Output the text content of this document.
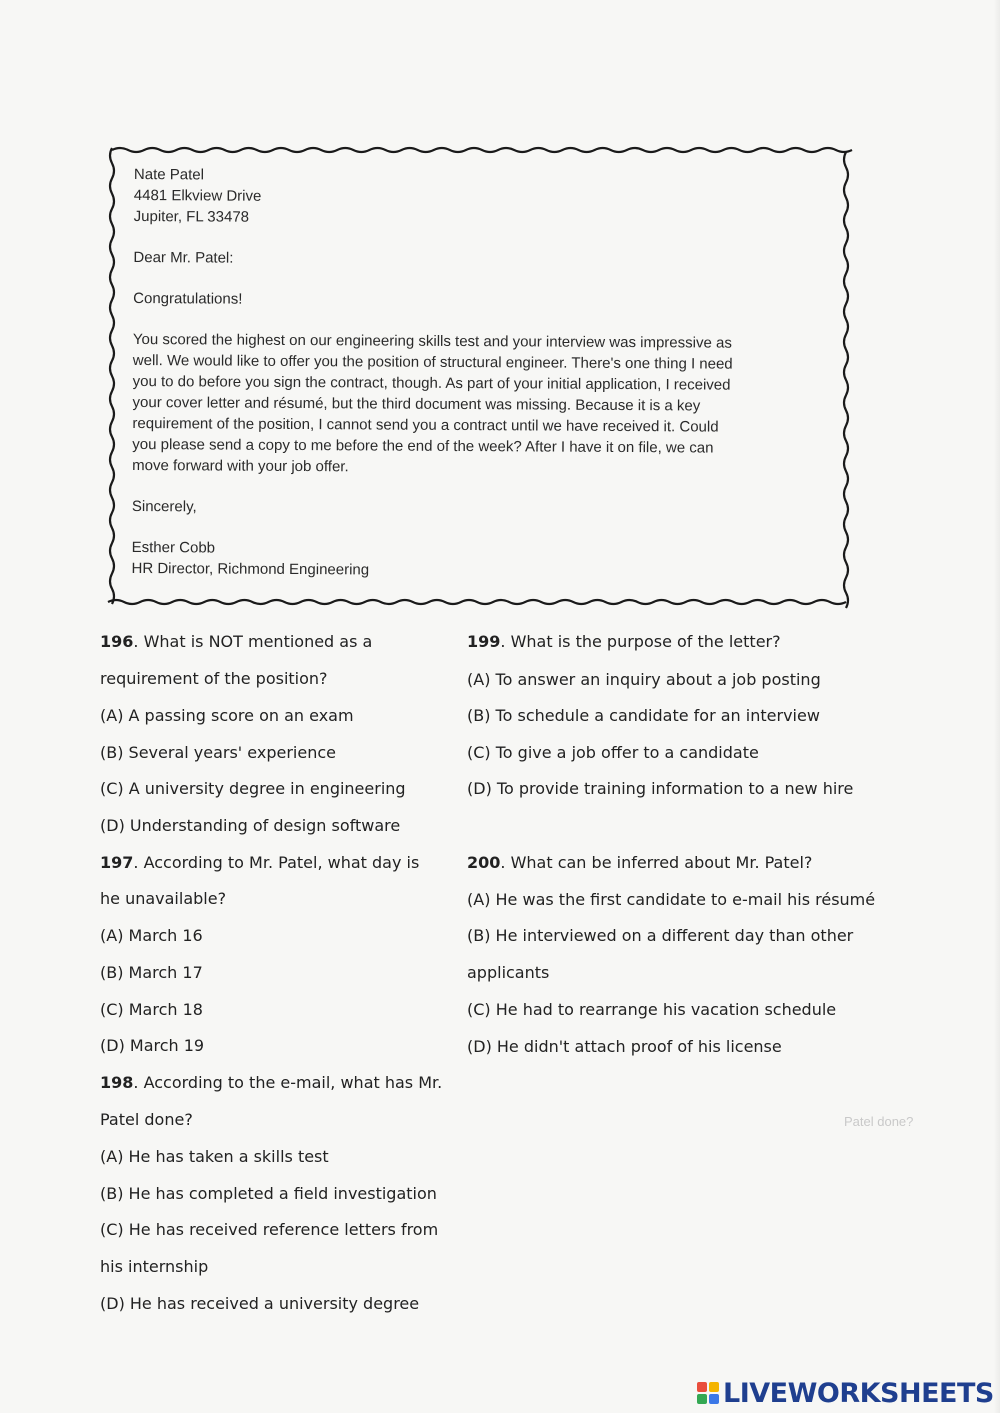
Nate Patel
4481 Elkview Drive
Jupiter, FL 33478
Dear Mr. Patel:
Congratulations!
You scored the highest on our engineering skills test and your interview was impressive as
well. We would like to offer you the position of structural engineer. There's one thing I need
you to do before you sign the contract, though. As part of your initial application, I received
your cover letter and résumé, but the third document was missing. Because it is a key
requirement of the position, I cannot send you a contract until we have received it. Could
you please send a copy to me before the end of the week? After I have it on file, we can
move forward with your job offer.
Sincerely,
Esther Cobb
HR Director, Richmond Engineering
196. What is NOT mentioned as a
requirement of the position?
(A) A passing score on an exam
(B) Several years' experience
(C) A university degree in engineering
(D) Understanding of design software
197. According to Mr. Patel, what day is
he unavailable?
(A) March 16
(B) March 17
(C) March 18
(D) March 19
198. According to the e-mail, what has Mr.
Patel done?
(A) He has taken a skills test
(B) He has completed a field investigation
(C) He has received reference letters from
his internship
(D) He has received a university degree
199. What is the purpose of the letter?
(A) To answer an inquiry about a job posting
(B) To schedule a candidate for an interview
(C) To give a job offer to a candidate
(D) To provide training information to a new hire
200. What can be inferred about Mr. Patel?
(A) He was the first candidate to e-mail his résumé
(B) He interviewed on a different day than other
applicants
(C) He had to rearrange his vacation schedule
(D) He didn't attach proof of his license
Patel done?
LIVEWORKSHEETS
